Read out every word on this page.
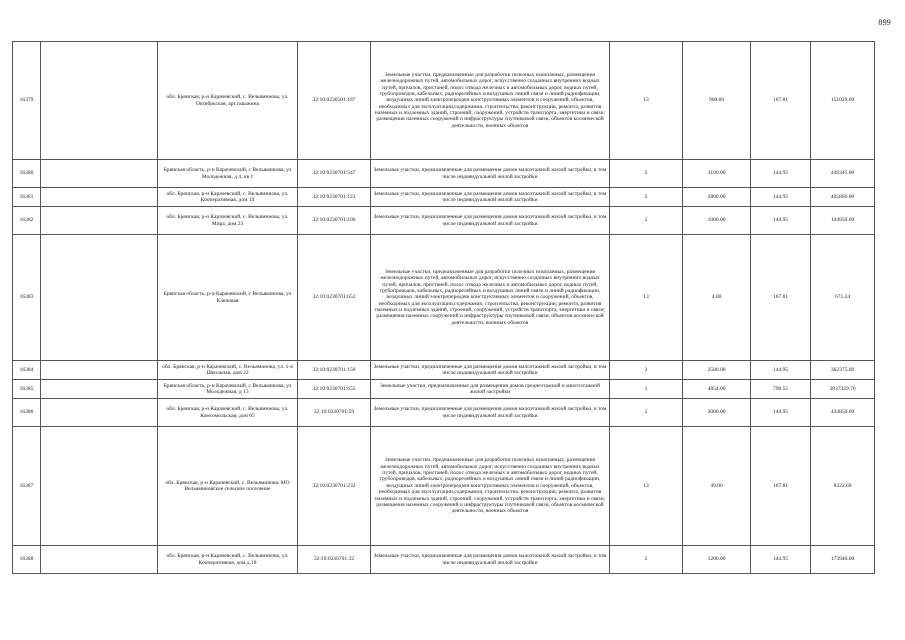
899
16379		обл. Брянская, р-н Карачевский, с. Вельяминова, ул. Октябрьская, арт.скважина	32:10:0230501:187	Земельные участки, предназначенные для разработки полезных ископаемых, размещения железнодорожных путей, автомобильных дорог, искусственно созданных внутренних водных путей, причалов, пристаней, полос отвода железных и автомобильных дорог, водных путей, трубопроводов, кабельных, радиорелейных и воздушных линий связи и линий радиофикации, воздушных линий электропередачи конструктивных элементов и сооружений, объектов, необходимых для эксплуатации,содержания, строительства, реконструкции, ремонта, развития наземных и подземных зданий, строений, сооружений, устройств транспорта, энергетики и связи; размещения наземных сооружений и инфраструктуры спутниковой связи, объектов космической деятельности, военных объектов	13	900.00	167.81	151029.00
16380		Брянская область, р-н Карачевский, с Вельяминова, ул Молодежная, д 4, кв 1	32:10:0230701:547	Земельные участки, предназначенные для размещения домов малоэтажной жилой застройки, в том числе индивидуальной жилой застройки	2	3100.00	144.95	449345.00
16381		обл. Брянская, р-н Карачевский, с. Вельяминова, ул. Кооперативная, дом 19	32:10:0230701:123	Земельные участки, предназначенные для размещения домов малоэтажной жилой застройки, в том числе индивидуальной жилой застройки	2	2800.00	144.95	405860.00
16382		обл. Брянская, р-н Карачевский, с. Вельяминова, ул. Мира, дом 23	32:10:0230701:106	Земельные участки, предназначенные для размещения домов малоэтажной жилой застройки, в том числе индивидуальной жилой застройки	2	1000.00	144.95	144950.00
16383		Брянская область, р-н Карачевский, с Вельяминова, ул Кленовая	32:10:0230701:652	Земельные участки, предназначенные для разработки полезных ископаемых, размещения железнодорожных путей, автомобильных дорог, искусственно созданных внутренних водных путей, причалов, пристаней, полос отвода железных и автомобильных дорог, водных путей, трубопроводов, кабельных, радиорелейных и воздушных линий связи и линий радиофикации, воздушных линий электропередачи конструктивных элементов и сооружений, объектов, необходимых для эксплуатации,содержания, строительства, реконструкции, ремонта, развития наземных и подземных зданий, строений, сооружений, устройств транспорта, энергетики и связи; размещения наземных сооружений и инфраструктуры спутниковой связи, объектов космической деятельности, военных объектов	13	4.00	167.81	671.24
16384		обл. Брянская, р-н Карачевский, с. Вельяминова, ул. 1-я Школьная, дом 22	32:10:0230701:158	Земельные участки, предназначенные для размещения домов малоэтажной жилой застройки, в том числе индивидуальной жилой застройки	2	2500.00	144.95	362375.00
16385		Брянская область, р-н Карачевский, с Вельяминова, ул Молодежная, д 13	32:10:0230701:655	Земельные участки, предназначенные для размещения домов среднеэтажной и многоэтажной жилой застройки	1	4854.00	790.55	3837329.70
16386		обл. Брянская, р-н Карачевский, с. Вельяминова, ул. Комсомольская, дом 65	32:10:0230701:59	Земельные участки, предназначенные для размещения домов малоэтажной жилой застройки, в том числе индивидуальной жилой застройки	2	3000.00	144.95	434850.00
16387		обл. Брянская, р-н Карачевский, с. Вельяминова, МО Вельяминовское сельское поселение	32:10:0230701:232	Земельные участки, предназначенные для разработки полезных ископаемых, размещения железнодорожных путей, автомобильных дорог, искусственно созданных внутренних водных путей, причалов, пристаней, полос отвода железных и автомобильных дорог, водных путей, трубопроводов, кабельных, радиорелейных и воздушных линий связи и линий радиофикации, воздушных линий электропередачи конструктивных элементов и сооружений, объектов, необходимых для эксплуатации,содержания, строительства, реконструкции, ремонта, развития наземных и подземных зданий, строений, сооружений, устройств транспорта, энергетики и связи; размещения наземных сооружений и инфраструктуры спутниковой связи, объектов космической деятельности, военных объектов	13	49.00	167.81	8222.69
16388		обл. Брянская, р-н Карачевский, с. Вельяминова, ул. Кооперативная, дом д.18	32:10:0230701:32	Земельные участки, предназначенные для размещения домов малоэтажной жилой застройки, в том числе индивидуальной жилой застройки	2	1200.00	144.95	173940.00
